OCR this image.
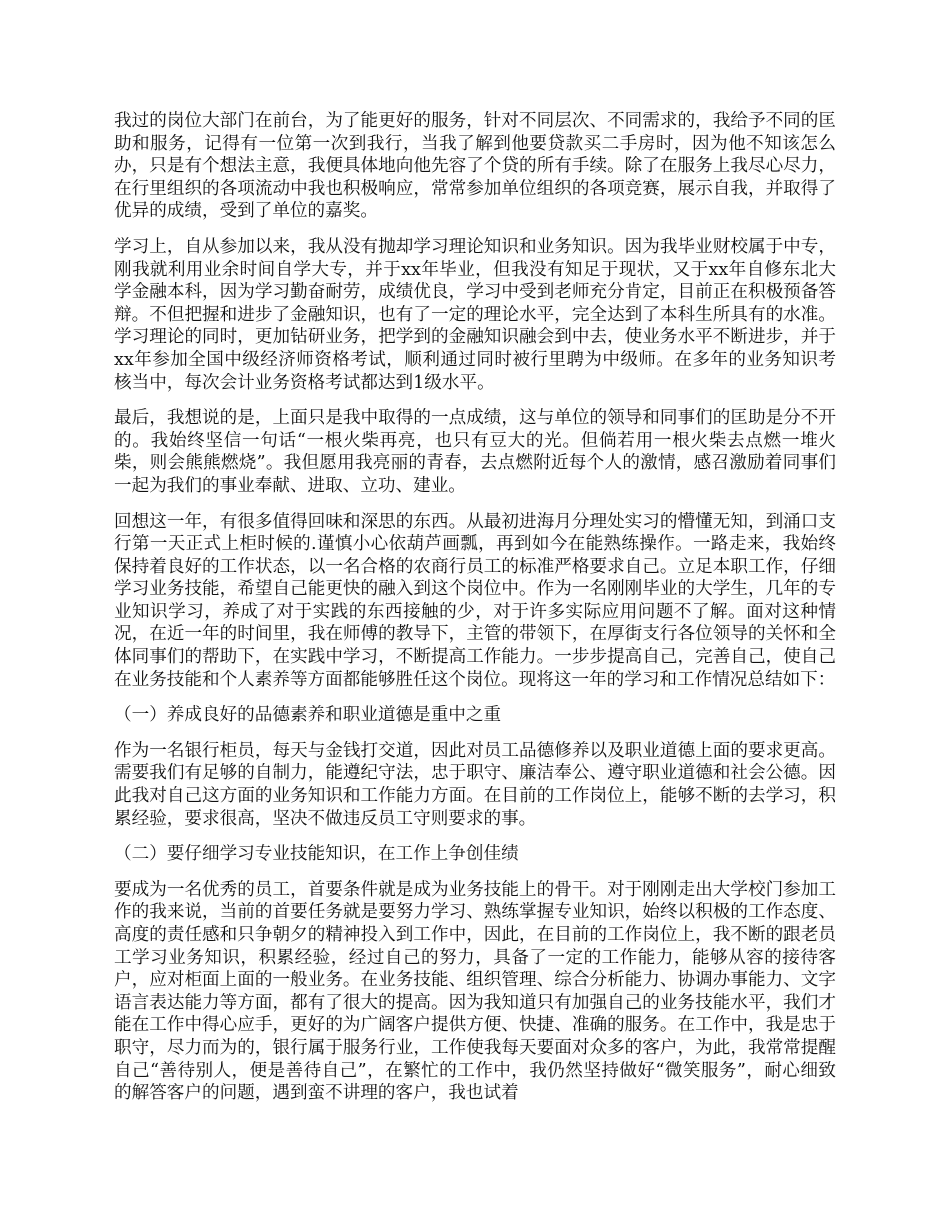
我过的岗位大部门在前台，为了能更好的服务，针对不同层次、不同需求的，我给予不同的匡助和服务，记得有一位第一次到我行，当我了解到他要贷款买二手房时，因为他不知该怎么办，只是有个想法主意，我便具体地向他先容了个贷的所有手续。除了在服务上我尽心尽力，在行里组织的各项流动中我也积极响应，常常参加单位组织的各项竞赛，展示自我，并取得了优异的成绩，受到了单位的嘉奖。

学习上，自从参加以来，我从没有抛却学习理论知识和业务知识。因为我毕业财校属于中专，刚我就利用业余时间自学大专，并于xx年毕业，但我没有知足于现状，又于xx年自修东北大学金融本科，因为学习勤奋耐劳，成绩优良，学习中受到老师充分肯定，目前正在积极预备答辩。不但把握和进步了金融知识，也有了一定的理论水平，完全达到了本科生所具有的水准。学习理论的同时，更加钻研业务，把学到的金融知识融会到中去，使业务水平不断进步，并于xx年参加全国中级经济师资格考试，顺利通过同时被行里聘为中级师。在多年的业务知识考核当中，每次会计业务资格考试都达到1级水平。

最后，我想说的是，上面只是我中取得的一点成绩，这与单位的领导和同事们的匡助是分不开的。我始终坚信一句话“一根火柴再亮，也只有豆大的光。但倘若用一根火柴去点燃一堆火柴，则会熊熊燃烧”。我但愿用我亮丽的青春，去点燃附近每个人的激情，感召激励着同事们一起为我们的事业奉献、进取、立功、建业。

回想这一年，有很多值得回味和深思的东西。从最初进海月分理处实习的懵懂无知，到涌口支行第一天正式上柜时候的.谨慎小心依葫芦画瓢，再到如今在能熟练操作。一路走来，我始终保持着良好的工作状态，以一名合格的农商行员工的标准严格要求自己。立足本职工作，仔细学习业务技能，希望自己能更快的融入到这个岗位中。作为一名刚刚毕业的大学生，几年的专业知识学习，养成了对于实践的东西接触的少，对于许多实际应用问题不了解。面对这种情况，在近一年的时间里，我在师傅的教导下，主管的带领下，在厚街支行各位领导的关怀和全体同事们的帮助下，在实践中学习，不断提高工作能力。一步步提高自己，完善自己，使自己在业务技能和个人素养等方面都能够胜任这个岗位。现将这一年的学习和工作情况总结如下：

（一）养成良好的品德素养和职业道德是重中之重

作为一名银行柜员，每天与金钱打交道，因此对员工品德修养以及职业道德上面的要求更高。需要我们有足够的自制力，能遵纪守法，忠于职守、廉洁奉公、遵守职业道德和社会公德。因此我对自己这方面的业务知识和工作能力方面。在目前的工作岗位上，能够不断的去学习，积累经验，要求很高，坚决不做违反员工守则要求的事。

（二）要仔细学习专业技能知识，在工作上争创佳绩

要成为一名优秀的员工，首要条件就是成为业务技能上的骨干。对于刚刚走出大学校门参加工作的我来说，当前的首要任务就是要努力学习、熟练掌握专业知识，始终以积极的工作态度、高度的责任感和只争朝夕的精神投入到工作中，因此，在目前的工作岗位上，我不断的跟老员工学习业务知识，积累经验，经过自己的努力，具备了一定的工作能力，能够从容的接待客户，应对柜面上面的一般业务。在业务技能、组织管理、综合分析能力、协调办事能力、文字语言表达能力等方面，都有了很大的提高。因为我知道只有加强自己的业务技能水平，我们才能在工作中得心应手，更好的为广阔客户提供方便、快捷、准确的服务。在工作中，我是忠于职守，尽力而为的，银行属于服务行业，工作使我每天要面对众多的客户，为此，我常常提醒自己“善待别人，便是善待自己”，在繁忙的工作中，我仍然坚持做好“微笑服务”，耐心细致的解答客户的问题，遇到蛮不讲理的客户，我也试着
